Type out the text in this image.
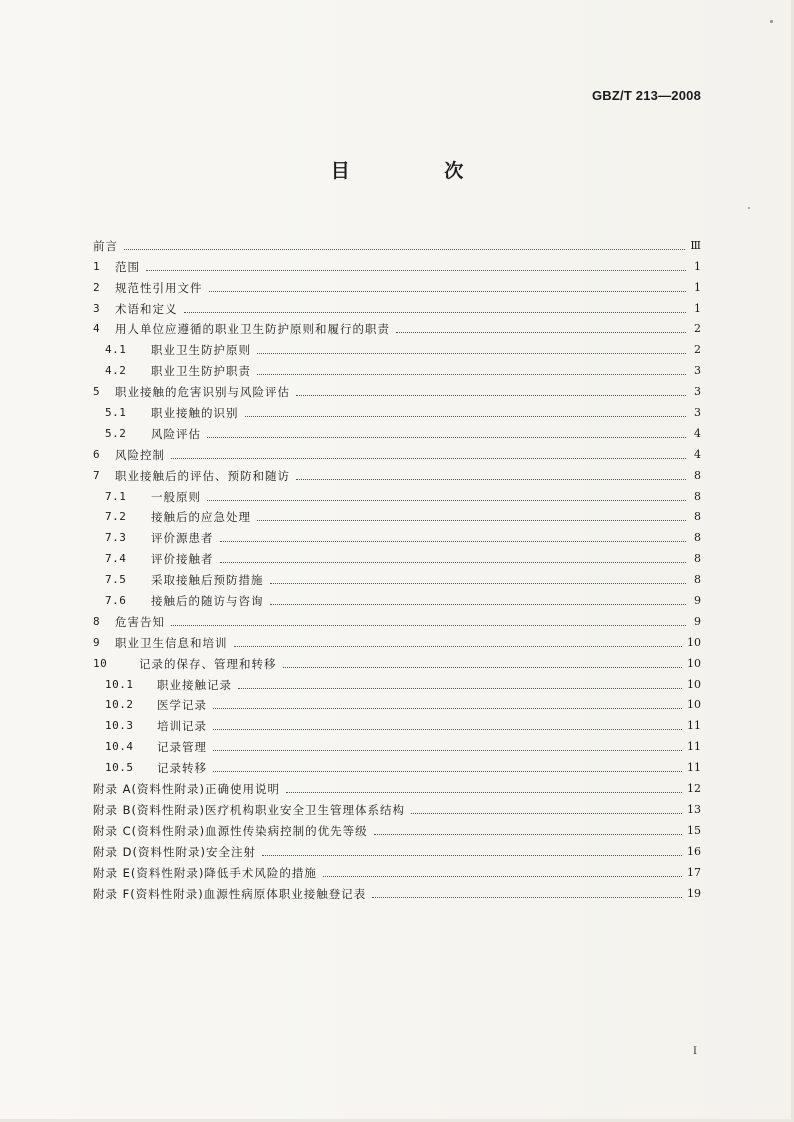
GBZ/T 213—2008
目 次
前言	Ⅲ
1	范围	1
2	规范性引用文件	1
3	术语和定义	1
4	用人单位应遵循的职业卫生防护原则和履行的职责	2
4.1	职业卫生防护原则	2
4.2	职业卫生防护职责	3
5	职业接触的危害识别与风险评估	3
5.1	职业接触的识别	3
5.2	风险评估	4
6	风险控制	4
7	职业接触后的评估、预防和随访	8
7.1	一般原则	8
7.2	接触后的应急处理	8
7.3	评价源患者	8
7.4	评价接触者	8
7.5	采取接触后预防措施	8
7.6	接触后的随访与咨询	9
8	危害告知	9
9	职业卫生信息和培训	10
10	记录的保存、管理和转移	10
10.1	职业接触记录	10
10.2	医学记录	10
10.3	培训记录	11
10.4	记录管理	11
10.5	记录转移	11
附录 A(资料性附录)正确使用说明	12
附录 B(资料性附录)医疗机构职业安全卫生管理体系结构	13
附录 C(资料性附录)血源性传染病控制的优先等级	15
附录 D(资料性附录)安全注射	16
附录 E(资料性附录)降低手术风险的措施	17
附录 F(资料性附录)血源性病原体职业接触登记表	19
I
